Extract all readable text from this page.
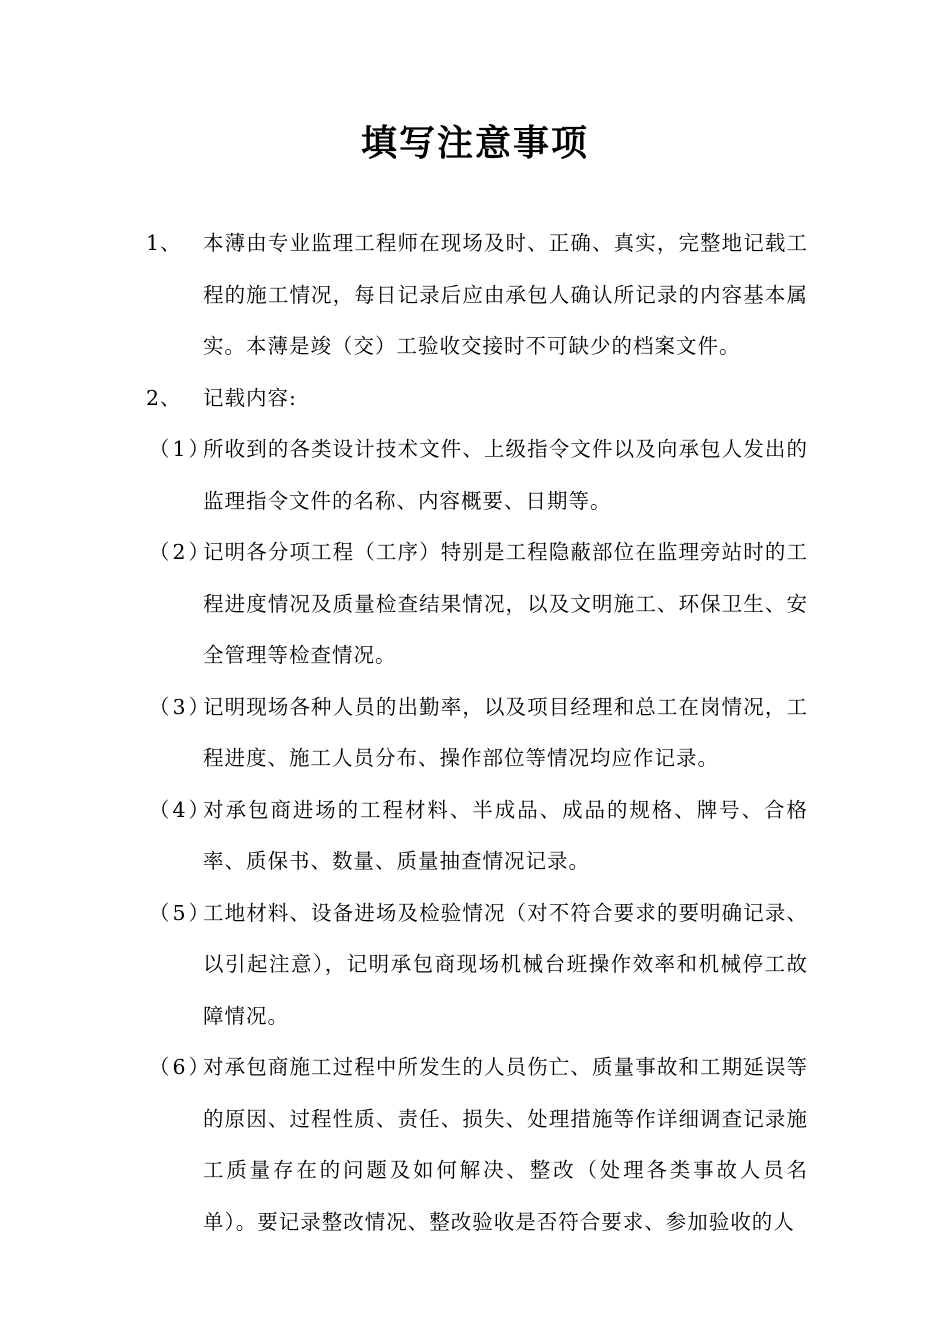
填写注意事项
1、 本薄由专业监理工程师在现场及时、正确、真实，完整地记载工程的施工情况，每日记录后应由承包人确认所记录的内容基本属实。本薄是竣（交）工验收交接时不可缺少的档案文件。
2、 记载内容:
（1）
所收到的各类设计技术文件、上级指令文件以及向承包人发出的监理指令文件的名称、内容概要、日期等。
（2）
记明各分项工程（工序）特别是工程隐蔽部位在监理旁站时的工程进度情况及质量检查结果情况，以及文明施工、环保卫生、安全管理等检查情况。
（3）
记明现场各种人员的出勤率，以及项目经理和总工在岗情况，工程进度、施工人员分布、操作部位等情况均应作记录。
（4）
对承包商进场的工程材料、半成品、成品的规格、牌号、合格率、质保书、数量、质量抽查情况记录。
（5）
工地材料、设备进场及检验情况（对不符合要求的要明确记录、以引起注意），记明承包商现场机械台班操作效率和机械停工故障情况。
（6）
对承包商施工过程中所发生的人员伤亡、质量事故和工期延误等的原因、过程性质、责任、损失、处理措施等作详细调查记录施工质量存在的问题及如何解决、整改（处理各类事故人员名单）。要记录整改情况、整改验收是否符合要求、参加验收的人
